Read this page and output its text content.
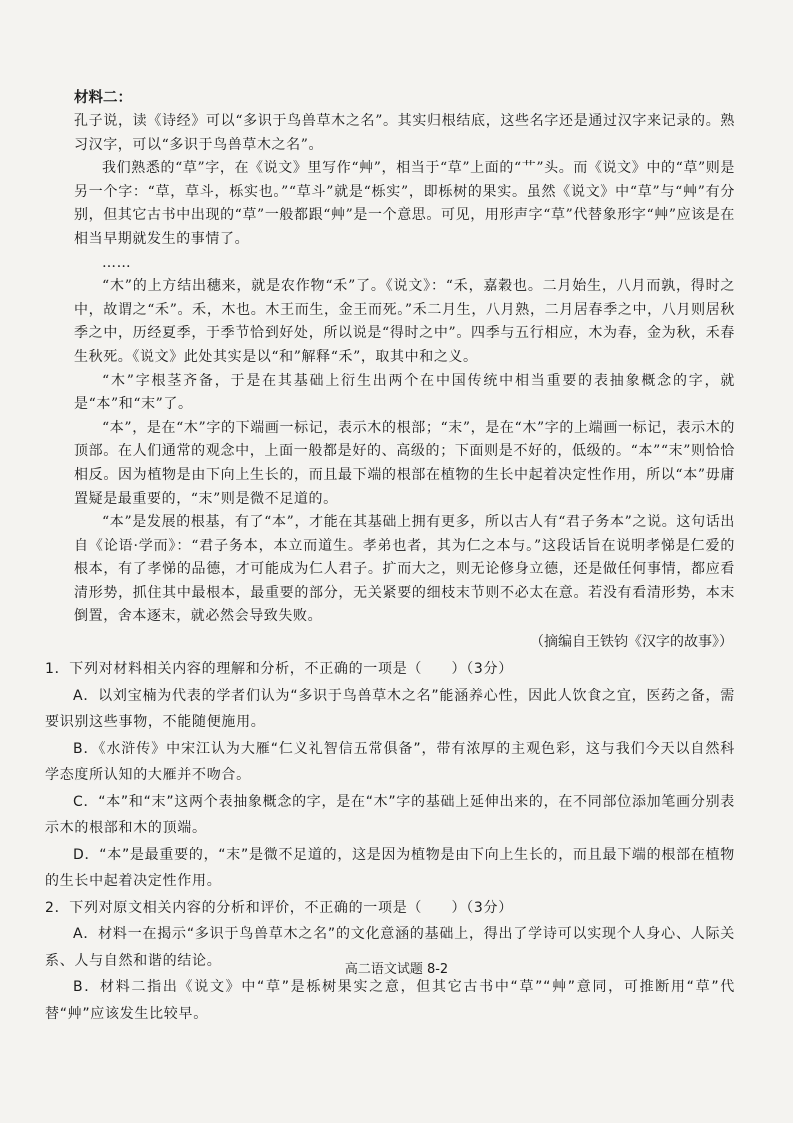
材料二：

孔子说，读《诗经》可以“多识于鸟兽草木之名”。其实归根结底，这些名字还是通过汉字来记录的。熟习汉字，可以“多识于鸟兽草木之名”。

我们熟悉的“草”字，在《说文》里写作“艸”，相当于“草”上面的“艹”头。而《说文》中的“草”则是另一个字：“草，草斗，栎实也。”“草斗”就是“栎实”，即栎树的果实。虽然《说文》中“草”与“艸”有分别，但其它古书中出现的“草”一般都跟“艸”是一个意思。可见，用形声字“草”代替象形字“艸”应该是在相当早期就发生的事情了。

……

“木”的上方结出穗来，就是农作物“禾”了。《说文》：“禾，嘉穀也。二月始生，八月而孰，得时之中，故谓之“禾”。禾，木也。木王而生，金王而死。”禾二月生，八月熟，二月居春季之中，八月则居秋季之中，历经夏季，于季节恰到好处，所以说是“得时之中”。四季与五行相应，木为春，金为秋，禾春生秋死。《说文》此处其实是以“和”解释“禾”，取其中和之义。

“木”字根茎齐备，于是在其基础上衍生出两个在中国传统中相当重要的表抽象概念的字，就是“本”和“末”了。

“本”，是在“木”字的下端画一标记，表示木的根部；“末”，是在“木”字的上端画一标记，表示木的顶部。在人们通常的观念中，上面一般都是好的、高级的；下面则是不好的，低级的。“本”“末”则恰恰相反。因为植物是由下向上生长的，而且最下端的根部在植物的生长中起着决定性作用，所以“本”毋庸置疑是最重要的，“末”则是微不足道的。

“本”是发展的根基，有了“本”，才能在其基础上拥有更多，所以古人有“君子务本”之说。这句话出自《论语·学而》：“君子务本，本立而道生。孝弟也者，其为仁之本与。”这段话旨在说明孝悌是仁爱的根本，有了孝悌的品德，才可能成为仁人君子。扩而大之，则无论修身立德，还是做任何事情，都应看清形势，抓住其中最根本，最重要的部分，无关紧要的细枝末节则不必太在意。若没有看清形势，本末倒置，舍本逐末，就必然会导致失败。

（摘编自王铁钧《汉字的故事》）

1．下列对材料相关内容的理解和分析，不正确的一项是（　　）（3分）

A．以刘宝楠为代表的学者们认为“多识于鸟兽草木之名”能涵养心性，因此人饮食之宜，医药之备，需要识别这些事物，不能随便施用。

B．《水浒传》中宋江认为大雁“仁义礼智信五常俱备”，带有浓厚的主观色彩，这与我们今天以自然科学态度所认知的大雁并不吻合。

C．“本”和“末”这两个表抽象概念的字，是在“木”字的基础上延伸出来的，在不同部位添加笔画分别表示木的根部和木的顶端。

D．“本”是最重要的，“末”是微不足道的，这是因为植物是由下向上生长的，而且最下端的根部在植物的生长中起着决定性作用。

2．下列对原文相关内容的分析和评价，不正确的一项是（　　）（3分）

A．材料一在揭示“多识于鸟兽草木之名”的文化意涵的基础上，得出了学诗可以实现个人身心、人际关系、人与自然和谐的结论。

B．材料二指出《说文》中“草”是栎树果实之意，但其它古书中“草”“艸”意同，可推断用“草”代替“艸”应该发生比较早。

高二语文试题 8-2
